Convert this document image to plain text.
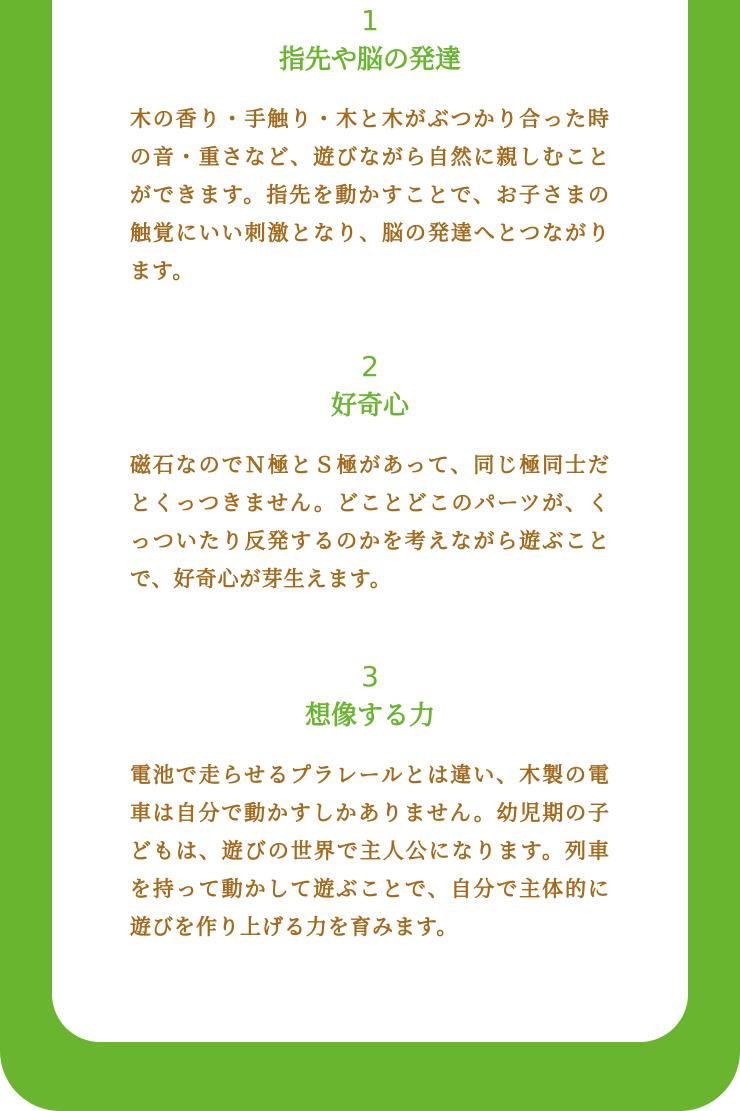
1
指先や脳の発達

木の香り・手触り・木と木がぶつかり合った時の音・重さなど、遊びながら自然に親しむことができます。指先を動かすことで、お子さまの触覚にいい刺激となり、脳の発達へとつながります。

2
好奇心

磁石なのでＮ極とＳ極があって、同じ極同士だとくっつきません。どことどこのパーツが、くっついたり反発するのかを考えながら遊ぶことで、好奇心が芽生えます。

3
想像する力

電池で走らせるプラレールとは違い、木製の電車は自分で動かすしかありません。幼児期の子どもは、遊びの世界で主人公になります。列車を持って動かして遊ぶことで、自分で主体的に遊びを作り上げる力を育みます。
